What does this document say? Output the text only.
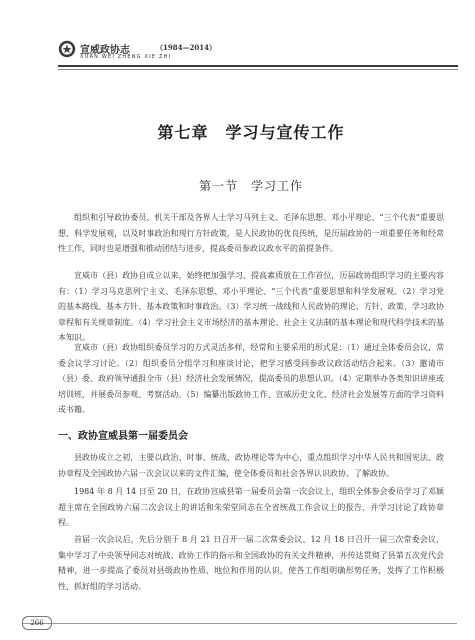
宣威政协志	（1984—2014）
XUAN WEI ZHENG XIE ZHI
第七章　学习与宣传工作
第一节　学习工作

组织和引导政协委员、机关干部及各界人士学习马列主义、毛泽东思想、邓小平理论、“三个代表”重要思想、科学发展观，以及时事政治和现行方针政策，是人民政协的优良传统，是历届政协的一项重要任务和经常性工作，同时也是增强和推动团结与进步，提高委员参政议政水平的前提条件。

宣威市（县）政协自成立以来，始终把加强学习、提高素质放在工作首位，历届政协组织学习的主要内容有：（1）学习马克思列宁主义、毛泽东思想、邓小平理论、“三个代表”重要思想和科学发展观。（2）学习党的基本路线、基本方针、基本政策和时事政治。（3）学习统一战线和人民政协的理论、方针、政策、学习政协章程和有关规章制度。（4）学习社会主义市场经济的基本理论、社会主义法制的基本理论和现代科学技术的基本知识。

宣威市（县）政协组织委员学习的方式灵活多样，经常和主要采用的形式是：（1）通过全体委员会议、常委会议学习讨论。（2）组织委员分组学习和座谈讨论，把学习感受同参政议政活动结合起来。（3）邀请市（县）委、政府领导通报全市（县）经济社会发展情况，提高委员的思想认识。（4）定期举办各类知识讲座或培训班，并展委员参观、考察活动。（5）编纂出版政协工作、宣威历史文化、经济社会发展等方面的学习资料或书籍。

一、政协宣威县第一届委员会

县政协成立之初，主要以政治、时事、统战、政协理论等为中心，重点组织学习中华人民共和国宪法、政协章程及全国政协六届一次会议以来的文件汇编，使全体委员和社会各界认识政协、了解政协。

1984 年 8 月 14 日至 20 日，在政协宣威县第一届委员会第一次会议上，组织全体参会委员学习了邓颖超主席在全国政协六届二次会议上的讲话和朱荣堂同志在全省统战工作会议上的报告，并学习讨论了政协章程。

首届一次会议后，先后分别于 8 月 21 日召开一届二次常委会议、12 月 18 日召开一届三次常委会议，集中学习了中央领导同志对统战、政协工作的指示和全国政协的有关文件精神，并传达贯彻了县第五次党代会精神，进一步提高了委员对县级政协性质、地位和作用的认识，使各工作组明确形势任务，发挥了工作积极性，抓好组的学习活动。

266
